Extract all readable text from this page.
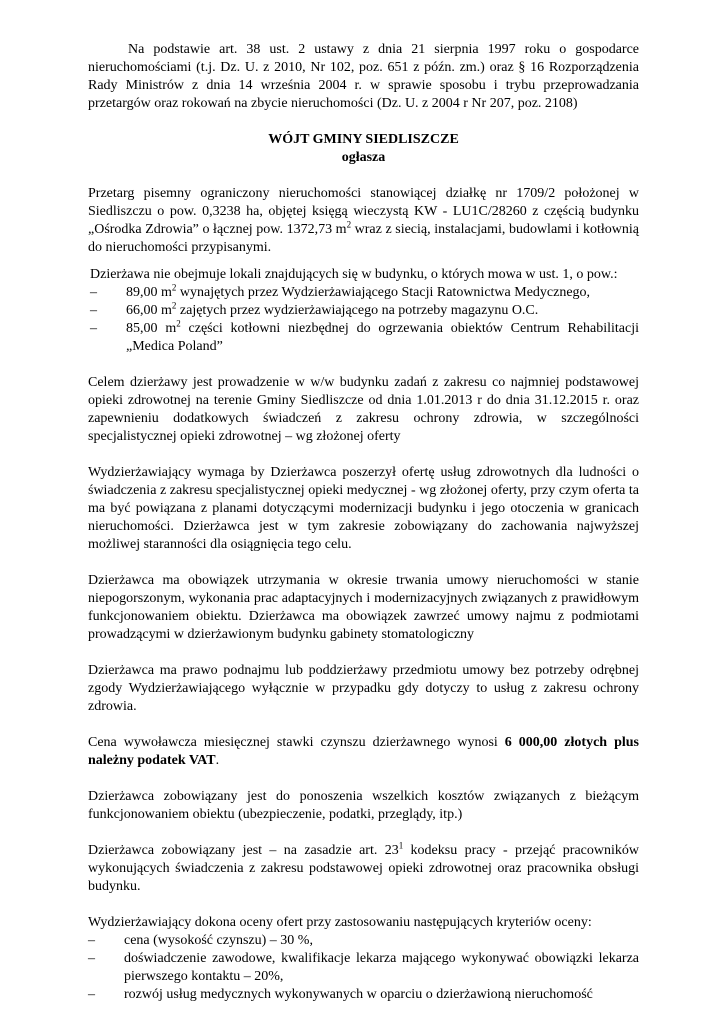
Na podstawie art. 38 ust. 2 ustawy z dnia 21 sierpnia 1997 roku o gospodarce nieruchomościami (t.j. Dz. U. z 2010, Nr 102, poz. 651 z późn. zm.) oraz § 16 Rozporządzenia Rady Ministrów z dnia 14 września 2004 r. w sprawie sposobu i trybu przeprowadzania przetargów oraz rokowań na zbycie nieruchomości (Dz. U. z 2004 r Nr 207, poz. 2108)

WÓJT GMINY SIEDLISZCZE

ogłasza

Przetarg pisemny ograniczony nieruchomości stanowiącej działkę nr 1709/2 położonej w Siedliszczu o pow. 0,3238 ha, objętej księgą wieczystą KW - LU1C/28260 z częścią budynku „Ośrodka Zdrowia” o łącznej pow. 1372,73 $m^2$ wraz z siecią, instalacjami, budowlami i kotłownią do nieruchomości przypisanymi.

Dzierżawa nie obejmuje lokali znajdujących się w budynku, o których mowa w ust. 1, o pow.:

– 89,00 $m^2$ wynajętych przez Wydzierżawiającego Stacji Ratownictwa Medycznego,
– 66,00 $m^2$ zajętych przez wydzierżawiającego na potrzeby magazynu O.C.
– 85,00 $m^2$ części kotłowni niezbędnej do ogrzewania obiektów Centrum Rehabilitacji „Medica Poland”

Celem dzierżawy jest prowadzenie w w/w budynku zadań z zakresu co najmniej podstawowej opieki zdrowotnej na terenie Gminy Siedliszcze od dnia 1.01.2013 r do dnia 31.12.2015 r. oraz zapewnieniu dodatkowych świadczeń z zakresu ochrony zdrowia, w szczególności specjalistycznej opieki zdrowotnej – wg złożonej oferty

Wydzierżawiający wymaga by Dzierżawca poszerzył ofertę usług zdrowotnych dla ludności o świadczenia z zakresu specjalistycznej opieki medycznej - wg złożonej oferty, przy czym oferta ta ma być powiązana z planami dotyczącymi modernizacji budynku i jego otoczenia w granicach nieruchomości. Dzierżawca jest w tym zakresie zobowiązany do zachowania najwyższej możliwej staranności dla osiągnięcia tego celu.

Dzierżawca ma obowiązek utrzymania w okresie trwania umowy nieruchomości w stanie niepogorszonym, wykonania prac adaptacyjnych i modernizacyjnych związanych z prawidłowym funkcjonowaniem obiektu. Dzierżawca ma obowiązek zawrzeć umowy najmu z podmiotami prowadzącymi w dzierżawionym budynku gabinety stomatologiczny

Dzierżawca ma prawo podnajmu lub poddzierżawy przedmiotu umowy bez potrzeby odrębnej zgody Wydzierżawiającego wyłącznie w przypadku gdy dotyczy to usług z zakresu ochrony zdrowia.

Cena wywoławcza miesięcznej stawki czynszu dzierżawnego wynosi 6 000,00 złotych plus należny podatek VAT.

Dzierżawca zobowiązany jest do ponoszenia wszelkich kosztów związanych z bieżącym funkcjonowaniem obiektu (ubezpieczenie, podatki, przeglądy, itp.)

Dzierżawca zobowiązany jest – na zasadzie art. $23^1$ kodeksu pracy - przejąć pracowników wykonujących świadczenia z zakresu podstawowej opieki zdrowotnej oraz pracownika obsługi budynku.

Wydzierżawiający dokona oceny ofert przy zastosowaniu następujących kryteriów oceny:

– cena (wysokość czynszu) – 30 %,
– doświadczenie zawodowe, kwalifikacje lekarza mającego wykonywać obowiązki lekarza pierwszego kontaktu – 20%,
– rozwój usług medycznych wykonywanych w oparciu o dzierżawioną nieruchomość
